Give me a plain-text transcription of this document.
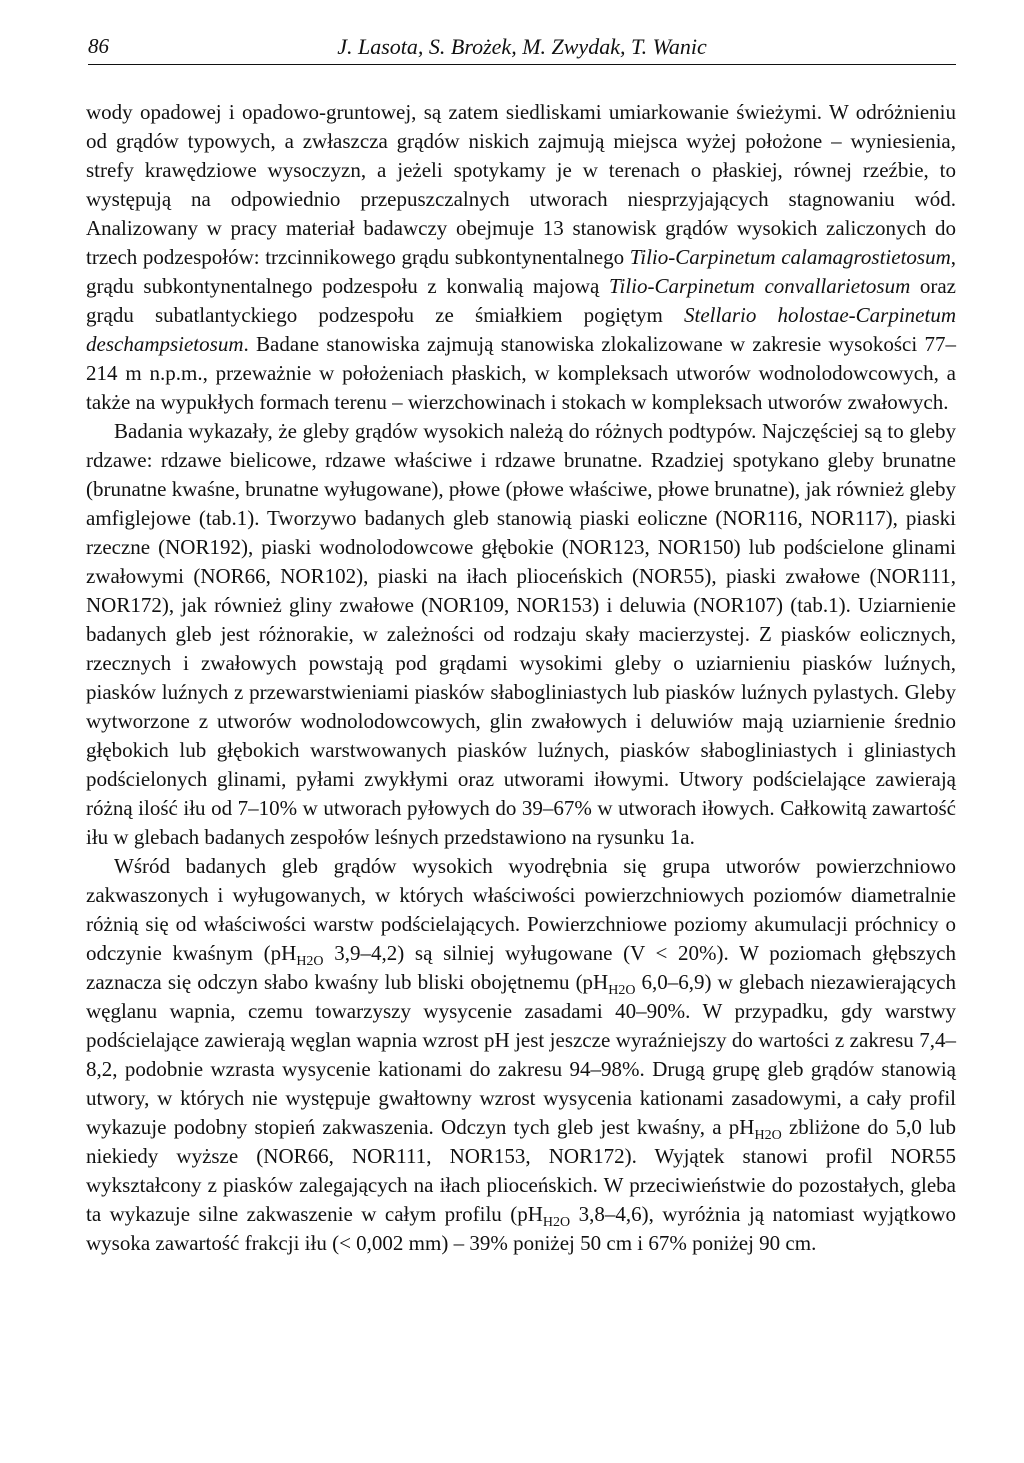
86	J. Lasota, S. Brożek, M. Zwydak, T. Wanic

wody opadowej i opadowo-gruntowej, są zatem siedliskami umiarkowanie świeżymi. W odróżnieniu od grądów typowych, a zwłaszcza grądów niskich zajmują miejsca wyżej położone – wyniesienia, strefy krawędziowe wysoczyzn, a jeżeli spotykamy je w terenach o płaskiej, równej rzeźbie, to występują na odpowiednio przepuszczalnych utworach niesprzyjających stagnowaniu wód. Analizowany w pracy materiał badawczy obejmuje 13 stanowisk grądów wysokich zaliczonych do trzech podzespołów: trzcinnikowego grądu subkontynentalnego Tilio-Carpinetum calamagrostietosum, grądu subkontynentalnego podzespołu z konwalią majową Tilio-Carpinetum convallarietosum oraz grądu subatlantyckiego podzespołu ze śmiałkiem pogiętym Stellario holostae-Carpinetum deschampsietosum. Badane stanowiska zajmują stanowiska zlokalizowane w zakresie wysokości 77–214 m n.p.m., przeważnie w położeniach płaskich, w kompleksach utworów wodnolodowcowych, a także na wypukłych formach terenu – wierzchowinach i stokach w kompleksach utworów zwałowych.

Badania wykazały, że gleby grądów wysokich należą do różnych podtypów. Najczęściej są to gleby rdzawe: rdzawe bielicowe, rdzawe właściwe i rdzawe brunatne. Rzadziej spotykano gleby brunatne (brunatne kwaśne, brunatne wyługowane), płowe (płowe właściwe, płowe brunatne), jak również gleby amfiglejowe (tab.1). Tworzywo badanych gleb stanowią piaski eoliczne (NOR116, NOR117), piaski rzeczne (NOR192), piaski wodnolodowcowe głębokie (NOR123, NOR150) lub podścielone glinami zwałowymi (NOR66, NOR102), piaski na iłach plioceńskich (NOR55), piaski zwałowe (NOR111, NOR172), jak również gliny zwałowe (NOR109, NOR153) i deluwia (NOR107) (tab.1). Uziarnienie badanych gleb jest różnorakie, w zależności od rodzaju skały macierzystej. Z piasków eolicznych, rzecznych i zwałowych powstają pod grądami wysokimi gleby o uziarnieniu piasków luźnych, piasków luźnych z przewarstwieniami piasków słabogliniastych lub piasków luźnych pylastych. Gleby wytworzone z utworów wodnolodowcowych, glin zwałowych i deluwiów mają uziarnienie średnio głębokich lub głębokich warstwowanych piasków luźnych, piasków słabogliniastych i gliniastych podścielonych glinami, pyłami zwykłymi oraz utworami iłowymi. Utwory podścielające zawierają różną ilość iłu od 7–10% w utworach pyłowych do 39–67% w utworach iłowych. Całkowitą zawartość iłu w glebach badanych zespołów leśnych przedstawiono na rysunku 1a.

Wśród badanych gleb grądów wysokich wyodrębnia się grupa utworów powierzchniowo zakwaszonych i wyługowanych, w których właściwości powierzchniowych poziomów diametralnie różnią się od właściwości warstw podścielających. Powierzchniowe poziomy akumulacji próchnicy o odczynie kwaśnym ($pH_{H2O}$ 3,9–4,2) są silniej wyługowane (V < 20%). W poziomach głębszych zaznacza się odczyn słabo kwaśny lub bliski obojętnemu ($pH_{H2O}$ 6,0–6,9) w glebach niezawierających węglanu wapnia, czemu towarzyszy wysycenie zasadami 40–90%. W przypadku, gdy warstwy podścielające zawierają węglan wapnia wzrost pH jest jeszcze wyraźniejszy do wartości z zakresu 7,4–8,2, podobnie wzrasta wysycenie kationami do zakresu 94–98%. Drugą grupę gleb grądów stanowią utwory, w których nie występuje gwałtowny wzrost wysycenia kationami zasadowymi, a cały profil wykazuje podobny stopień zakwaszenia. Odczyn tych gleb jest kwaśny, a $pH_{H2O}$ zbliżone do 5,0 lub niekiedy wyższe (NOR66, NOR111, NOR153, NOR172). Wyjątek stanowi profil NOR55 wykształcony z piasków zalegających na iłach plioceńskich. W przeciwieństwie do pozostałych, gleba ta wykazuje silne zakwaszenie w całym profilu ($pH_{H2O}$ 3,8–4,6), wyróżnia ją natomiast wyjątkowo wysoka zawartość frakcji iłu (< 0,002 mm) – 39% poniżej 50 cm i 67% poniżej 90 cm.
